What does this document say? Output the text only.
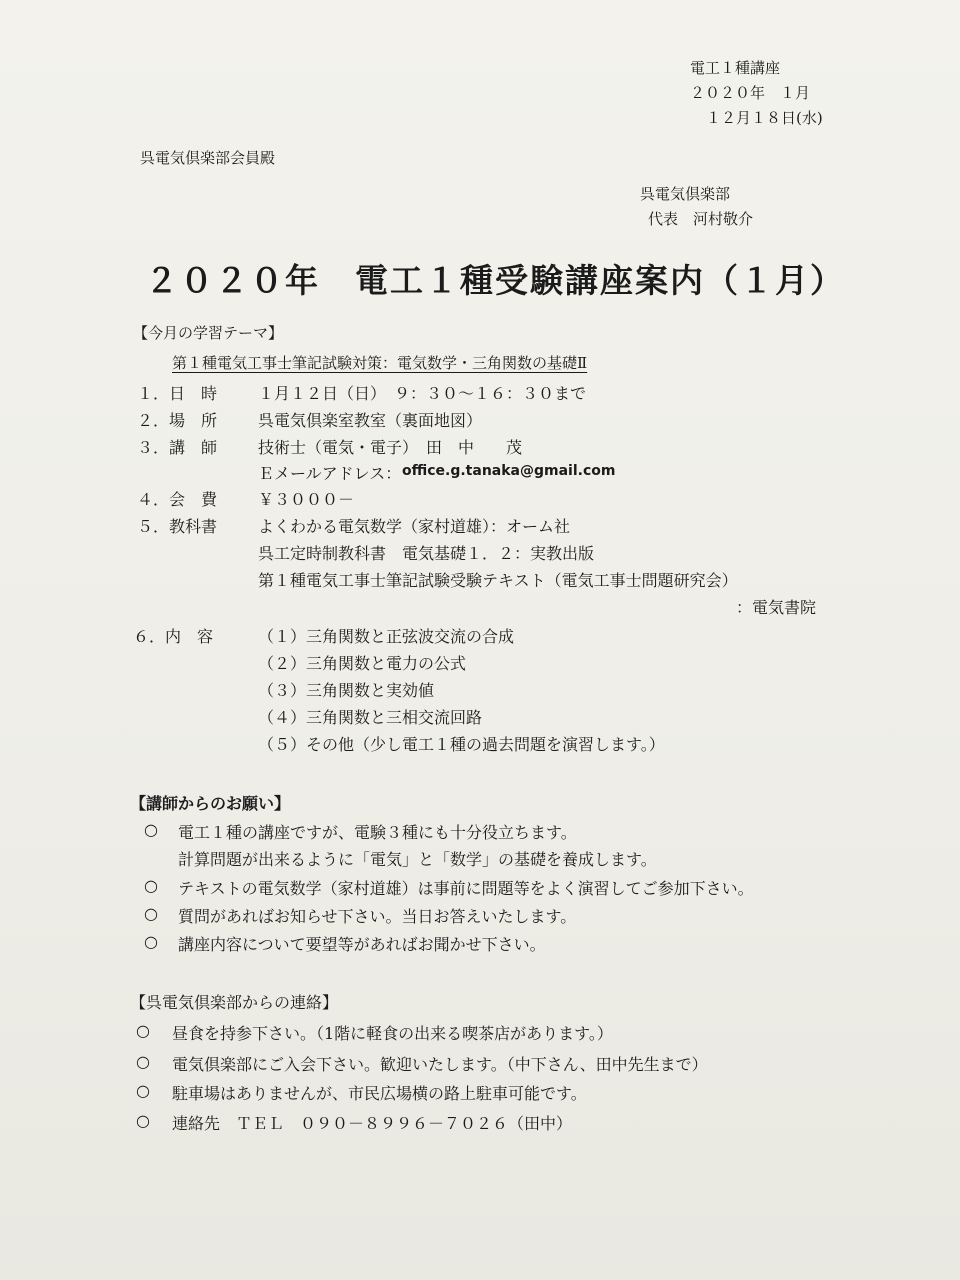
電工１種講座
２０２０年　１月
１２月１８日(水)
呉電気倶楽部会員殿
呉電気倶楽部
代表　河村敬介
２０２０年　電工１種受験講座案内（１月）
【今月の学習テーマ】
第１種電気工事士筆記試験対策：電気数学・三角関数の基礎Ⅱ
１．日　時	１月１２日（日）　９：３０～１６：３０まで
２．場　所	呉電気倶楽室教室（裏面地図）
３．講　師	技術士（電気・電子）　田　中　　茂
Ｅメールアドレス： office.g.tanaka@gmail.com
４．会　費	￥３０００－
５．教科書	よくわかる電気数学（家村道雄）：オーム社
呉工定時制教科書　電気基礎１．２：実教出版
第１種電気工事士筆記試験受験テキスト（電気工事士問題研究会）
：電気書院
６．内　容	（１）三角関数と正弦波交流の合成
（２）三角関数と電力の公式
（３）三角関数と実効値
（４）三角関数と三相交流回路
（５）その他（少し電工１種の過去問題を演習します。）
【講師からのお願い】
○ 電工１種の講座ですが、電験３種にも十分役立ちます。
計算問題が出来るように「電気」と「数学」の基礎を養成します。
○ テキストの電気数学（家村道雄）は事前に問題等をよく演習してご参加下さい。
○ 質問があればお知らせ下さい。当日お答えいたします。
○ 講座内容について要望等があればお聞かせ下さい。
【呉電気倶楽部からの連絡】
○ 昼食を持参下さい。（1階に軽食の出来る喫茶店があります。）
○ 電気倶楽部にご入会下さい。歓迎いたします。（中下さん、田中先生まで）
○ 駐車場はありませんが、市民広場横の路上駐車可能です。
○ 連絡先　ＴＥＬ　０９０－８９９６－７０２６（田中）
